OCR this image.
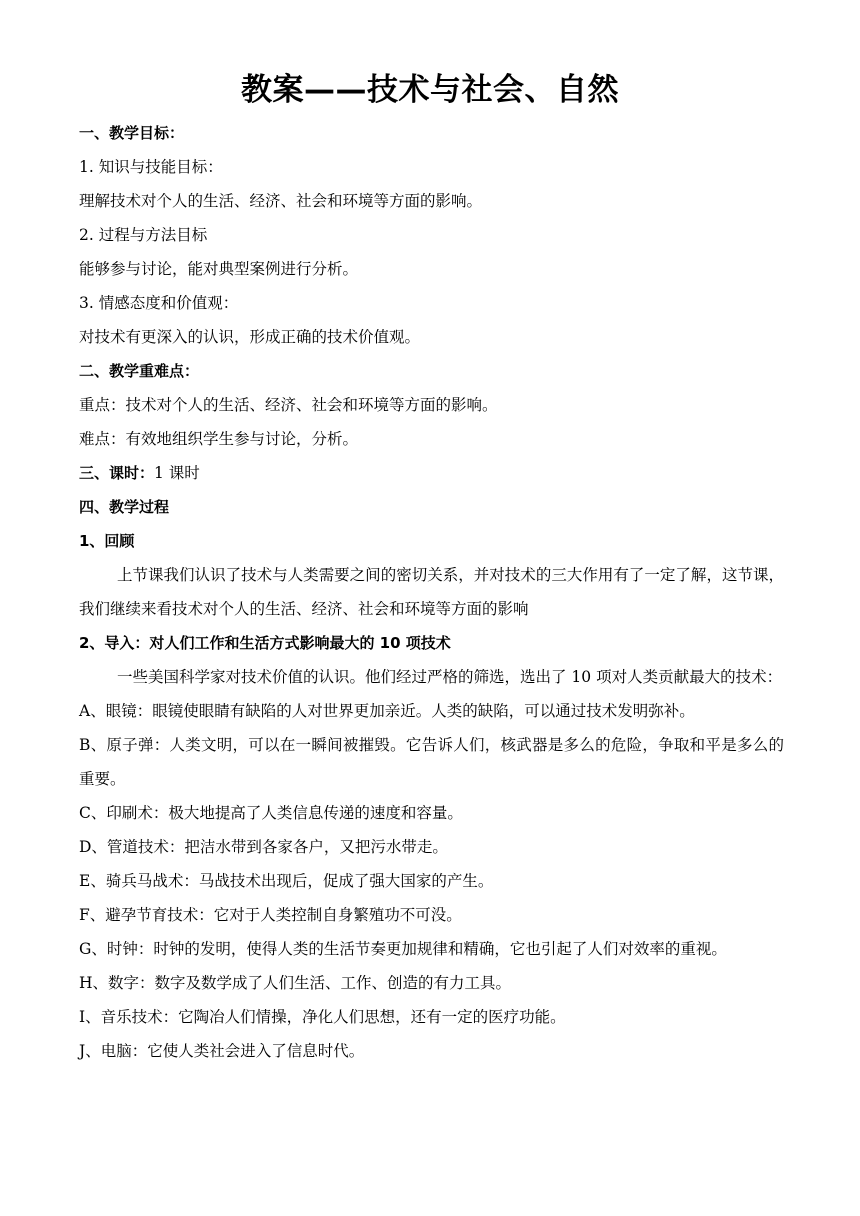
教案——技术与社会、自然
一、教学目标：
1. 知识与技能目标：
理解技术对个人的生活、经济、社会和环境等方面的影响。
2. 过程与方法目标
能够参与讨论，能对典型案例进行分析。
3. 情感态度和价值观：
对技术有更深入的认识，形成正确的技术价值观。
二、教学重难点：
重点：技术对个人的生活、经济、社会和环境等方面的影响。
难点：有效地组织学生参与讨论，分析。
三、课时：1 课时
四、教学过程
1、回顾
上节课我们认识了技术与人类需要之间的密切关系，并对技术的三大作用有了一定了解，这节课，我们继续来看技术对个人的生活、经济、社会和环境等方面的影响
2、导入：对人们工作和生活方式影响最大的 10 项技术
一些美国科学家对技术价值的认识。他们经过严格的筛选，选出了 10 项对人类贡献最大的技术：
A、眼镜：眼镜使眼睛有缺陷的人对世界更加亲近。人类的缺陷，可以通过技术发明弥补。
B、原子弹：人类文明，可以在一瞬间被摧毁。它告诉人们，核武器是多么的危险，争取和平是多么的重要。
C、印刷术：极大地提高了人类信息传递的速度和容量。
D、管道技术：把洁水带到各家各户，又把污水带走。
E、骑兵马战术：马战技术出现后，促成了强大国家的产生。
F、避孕节育技术：它对于人类控制自身繁殖功不可没。
G、时钟：时钟的发明，使得人类的生活节奏更加规律和精确，它也引起了人们对效率的重视。
H、数字：数字及数学成了人们生活、工作、创造的有力工具。
I、音乐技术：它陶冶人们情操，净化人们思想，还有一定的医疗功能。
J、电脑：它使人类社会进入了信息时代。
